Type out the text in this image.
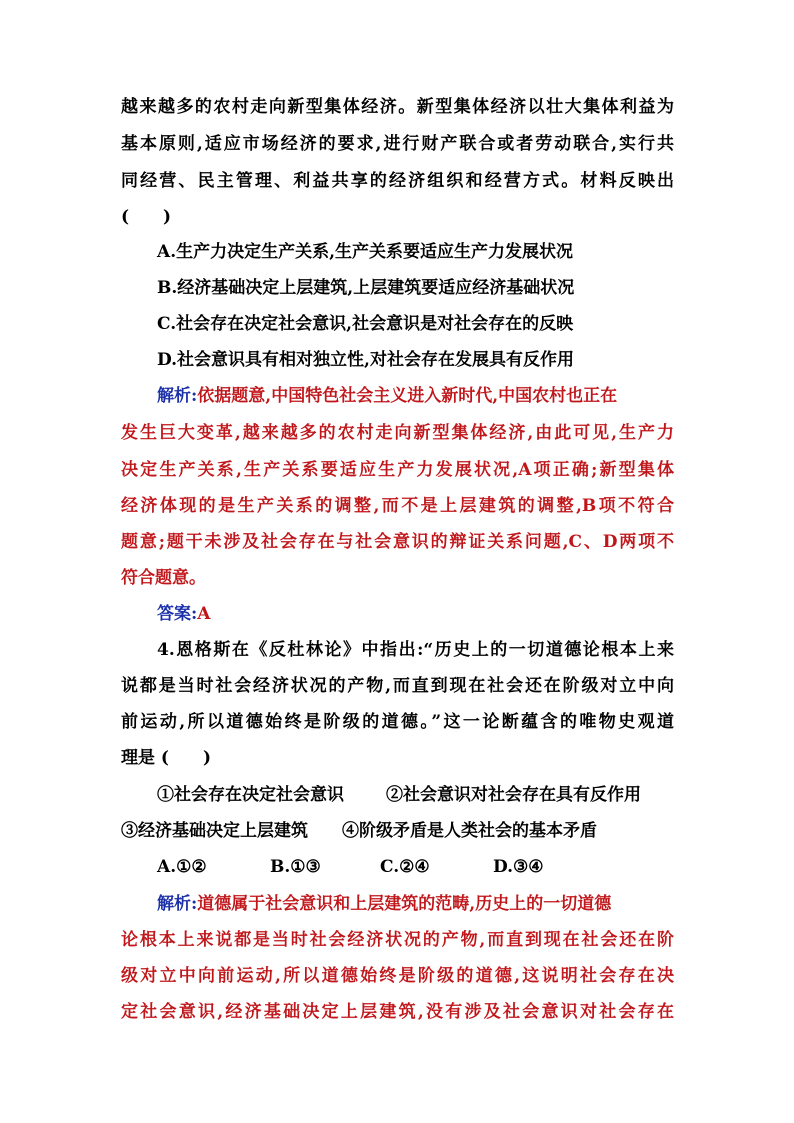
越来越多的农村走向新型集体经济。新型集体经济以壮大集体利益为
基本原则,适应市场经济的要求,进行财产联合或者劳动联合,实行共
同经营、民主管理、利益共享的经济组织和经营方式。材料反映出
(　　)
A.生产力决定生产关系,生产关系要适应生产力发展状况
B.经济基础决定上层建筑,上层建筑要适应经济基础状况
C.社会存在决定社会意识,社会意识是对社会存在的反映
D.社会意识具有相对独立性,对社会存在发展具有反作用
解析:依据题意,中国特色社会主义进入新时代,中国农村也正在
发生巨大变革,越来越多的农村走向新型集体经济,由此可见,生产力
决定生产关系,生产关系要适应生产力发展状况,A项正确;新型集体
经济体现的是生产关系的调整,而不是上层建筑的调整,B项不符合
题意;题干未涉及社会存在与社会意识的辩证关系问题,C、D两项不
符合题意。
答案:A
4.恩格斯在《反杜林论》中指出:“历史上的一切道德论根本上来
说都是当时社会经济状况的产物,而直到现在社会还在阶级对立中向
前运动,所以道德始终是阶级的道德。”这一论断蕴含的唯物史观道
理是 (　　)
①社会存在决定社会意识 ②社会意识对社会存在具有反作用
③经济基础决定上层建筑 ④阶级矛盾是人类社会的基本矛盾
A.①②	B.①③	C.②④	D.③④
解析:道德属于社会意识和上层建筑的范畴,历史上的一切道德
论根本上来说都是当时社会经济状况的产物,而直到现在社会还在阶
级对立中向前运动,所以道德始终是阶级的道德,这说明社会存在决
定社会意识,经济基础决定上层建筑,没有涉及社会意识对社会存在
